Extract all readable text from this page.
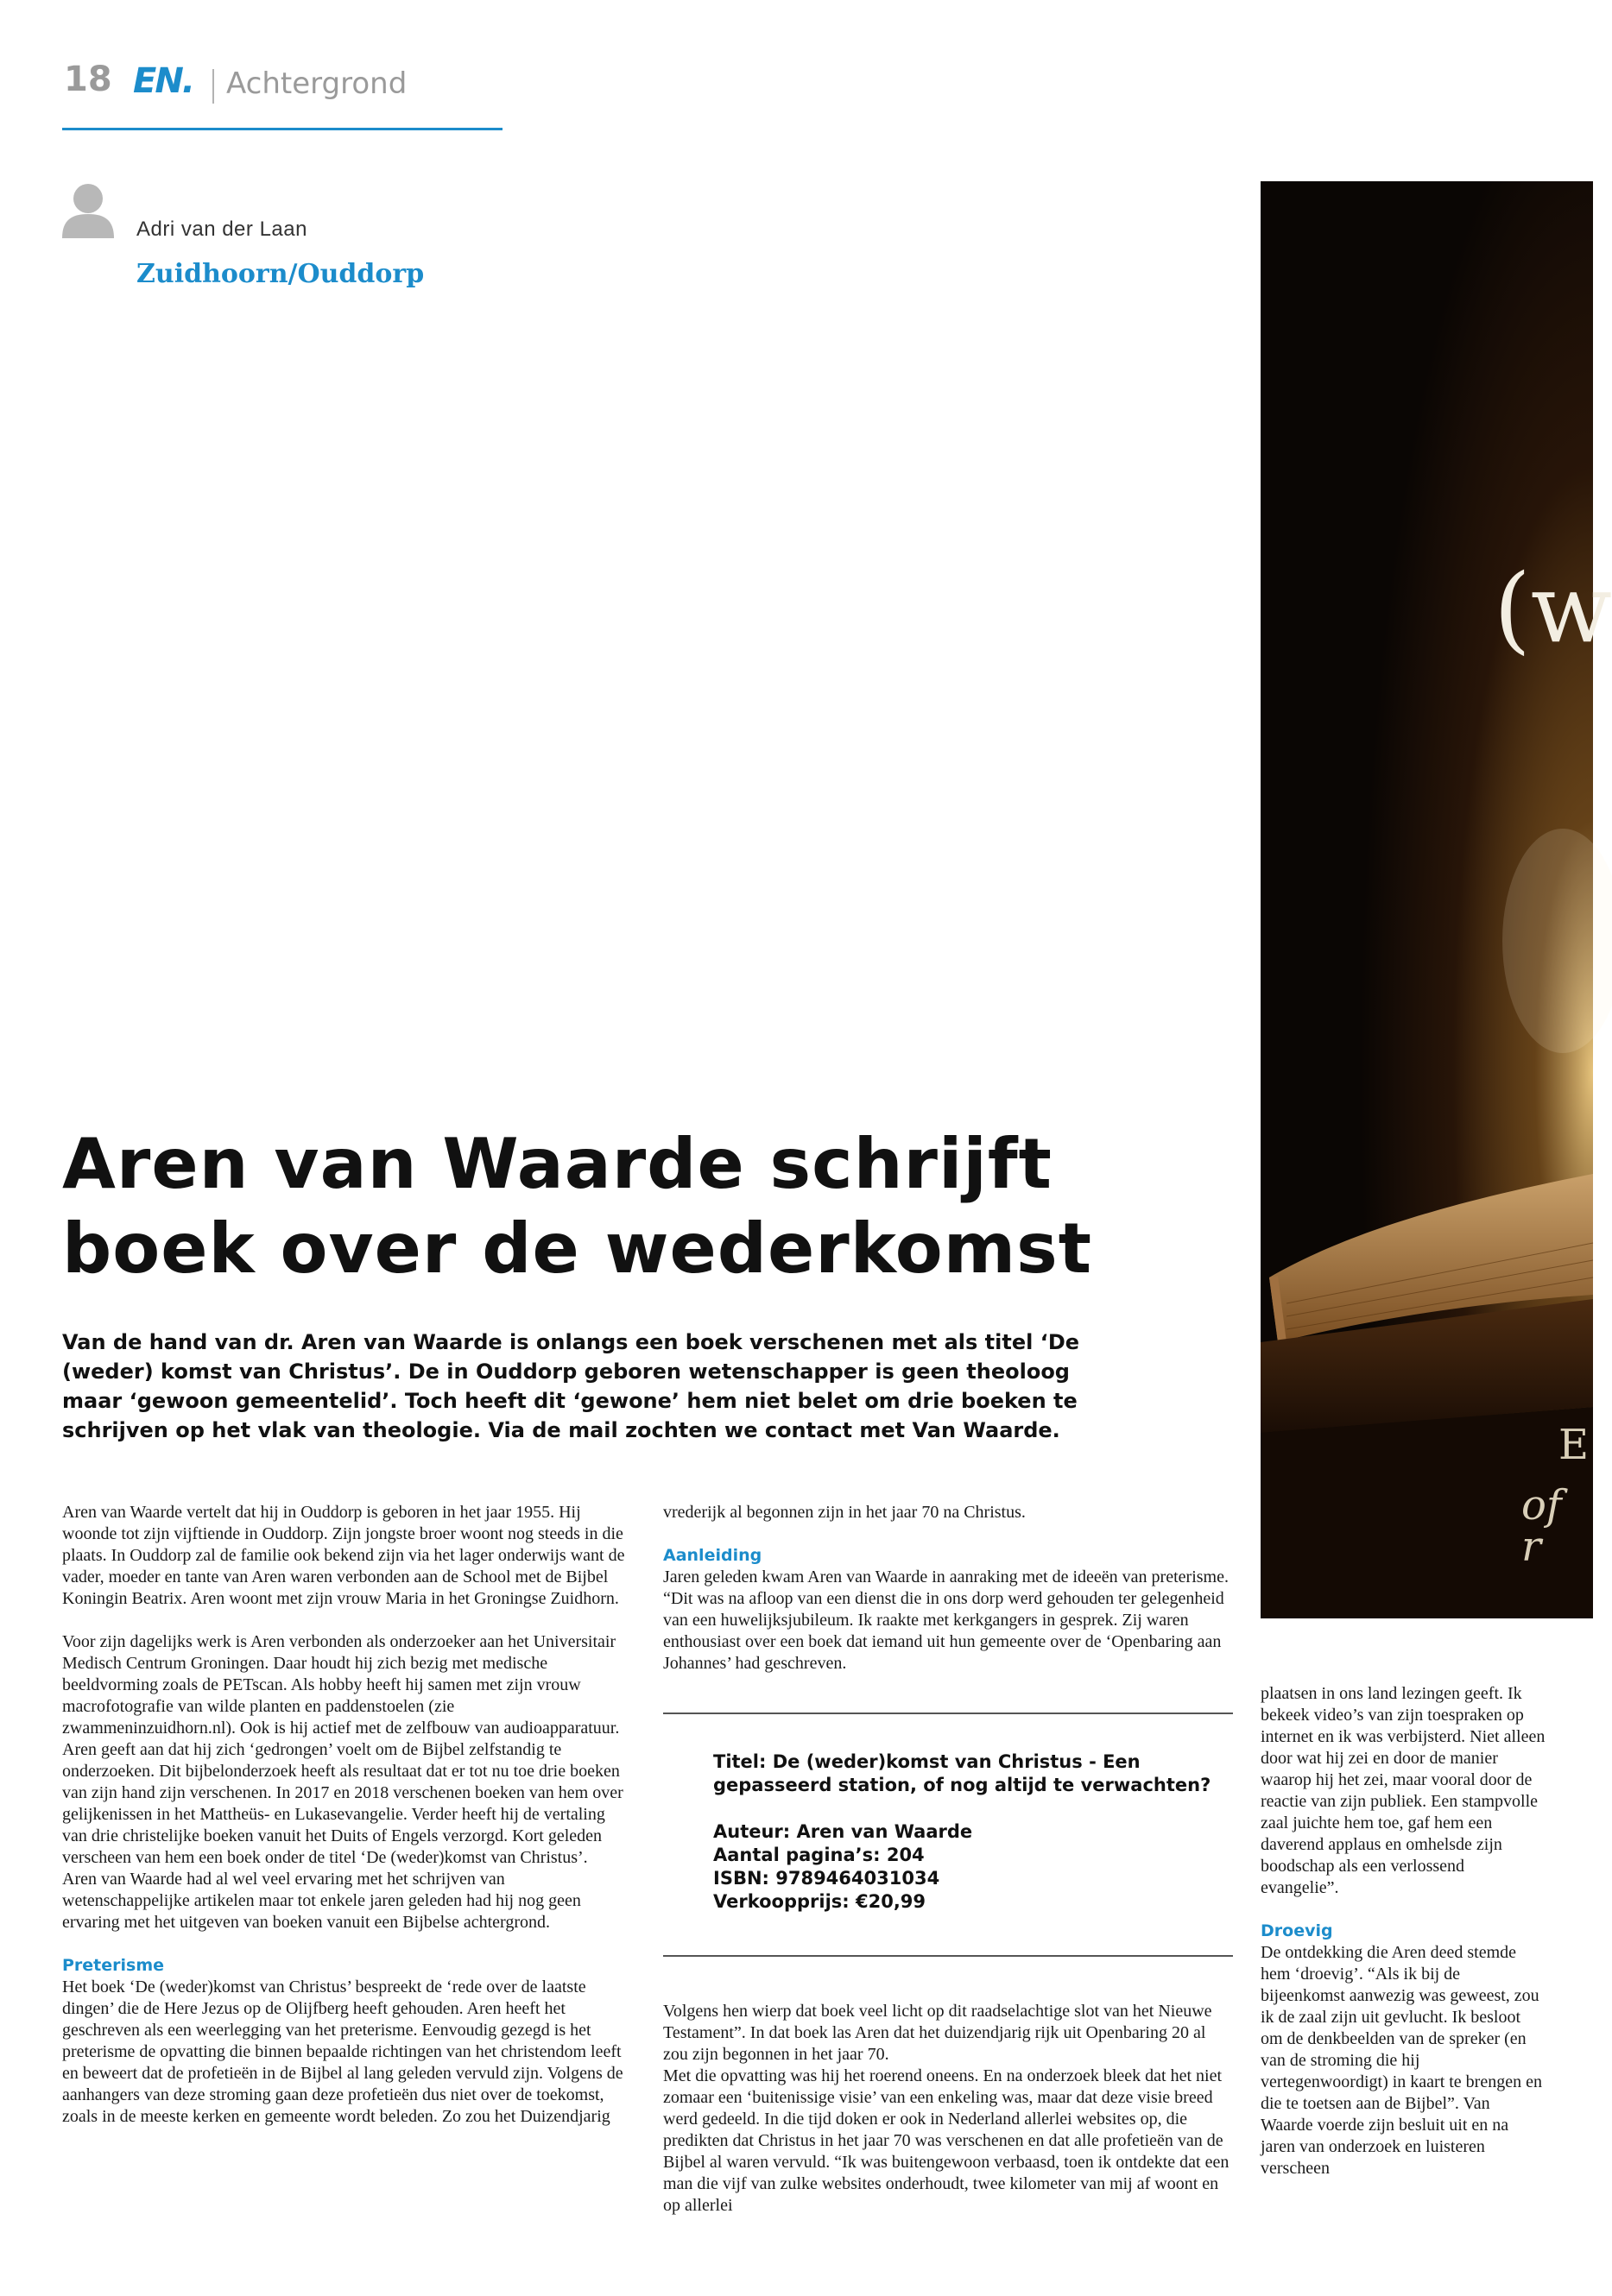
18 EN. Achtergrond
Adri van der Laan
Zuidhoorn/Ouddorp
(w
E
of r
Aren van Waarde schrijft
boek over de wederkomst
Van de hand van dr. Aren van Waarde is onlangs een boek verschenen met als titel ‘De (weder) komst van Christus’. De in Ouddorp geboren wetenschapper is geen theoloog maar ‘gewoon gemeentelid’. Toch heeft dit ‘gewone’ hem niet belet om drie boeken te schrijven op het vlak van theologie. Via de mail zochten we contact met Van Waarde.

Aren van Waarde vertelt dat hij in Ouddorp is geboren in het jaar 1955. Hij woonde tot zijn vijftiende in Ouddorp. Zijn jongste broer woont nog steeds in die plaats. In Ouddorp zal de familie ook bekend zijn via het lager onderwijs want de vader, moeder en tante van Aren waren verbonden aan de School met de Bijbel Koningin Beatrix. Aren woont met zijn vrouw Maria in het Groningse Zuidhorn.

Voor zijn dagelijks werk is Aren verbonden als onderzoeker aan het Universitair Medisch Centrum Groningen. Daar houdt hij zich bezig met medische beeldvorming zoals de PETscan. Als hobby heeft hij samen met zijn vrouw macrofotografie van wilde planten en paddenstoelen (zie zwammeninzuidhorn.nl). Ook is hij actief met de zelfbouw van audioapparatuur. Aren geeft aan dat hij zich ‘gedrongen’ voelt om de Bijbel zelfstandig te onderzoeken. Dit bijbelonderzoek heeft als resultaat dat er tot nu toe drie boeken van zijn hand zijn verschenen. In 2017 en 2018 verschenen boeken van hem over gelijkenissen in het Mattheüs- en Lukasevangelie. Verder heeft hij de vertaling van drie christelijke boeken vanuit het Duits of Engels verzorgd. Kort geleden verscheen van hem een boek onder de titel ‘De (weder)komst van Christus’.

Aren van Waarde had al wel veel ervaring met het schrijven van wetenschappelijke artikelen maar tot enkele jaren geleden had hij nog geen ervaring met het uitgeven van boeken vanuit een Bijbelse achtergrond.

Preterisme

Het boek ‘De (weder)komst van Christus’ bespreekt de ‘rede over de laatste dingen’ die de Here Jezus op de Olijfberg heeft gehouden. Aren heeft het geschreven als een weerlegging van het preterisme. Eenvoudig gezegd is het preterisme de opvatting die binnen bepaalde richtingen van het christendom leeft en beweert dat de profetieën in de Bijbel al lang geleden vervuld zijn. Volgens de aanhangers van deze stroming gaan deze profetieën dus niet over de toekomst, zoals in de meeste kerken en gemeente wordt beleden. Zo zou het Duizendjarig

vrederijk al begonnen zijn in het jaar 70 na Christus.

Aanleiding

Jaren geleden kwam Aren van Waarde in aanraking met de ideeën van preterisme. “Dit was na afloop van een dienst die in ons dorp werd gehouden ter gelegenheid van een huwelijksjubileum. Ik raakte met kerkgangers in gesprek. Zij waren enthousiast over een boek dat iemand uit hun gemeente over de ‘Openbaring aan Johannes’ had geschreven.

Titel: De (weder)komst van Christus - Een gepasseerd station, of nog altijd te verwachten?
Auteur: Aren van Waarde
Aantal pagina’s: 204
ISBN: 9789464031034
Verkoopprijs: €20,99

Volgens hen wierp dat boek veel licht op dit raadselachtige slot van het Nieuwe Testament”. In dat boek las Aren dat het duizendjarig rijk uit Openbaring 20 al zou zijn begonnen in het jaar 70.

Met die opvatting was hij het roerend oneens. En na onderzoek bleek dat het niet zomaar een ‘buitenissige visie’ van een enkeling was, maar dat deze visie breed werd gedeeld. In die tijd doken er ook in Nederland allerlei websites op, die predikten dat Christus in het jaar 70 was verschenen en dat alle profetieën van de Bijbel al waren vervuld. “Ik was buitengewoon verbaasd, toen ik ontdekte dat een man die vijf van zulke websites onderhoudt, twee kilometer van mij af woont en op allerlei

plaatsen in ons land lezingen geeft. Ik bekeek video’s van zijn toespraken op internet en ik was verbijsterd. Niet alleen door wat hij zei en door de manier waarop hij het zei, maar vooral door de reactie van zijn publiek. Een stampvolle zaal juichte hem toe, gaf hem een daverend applaus en omhelsde zijn boodschap als een verlossend evangelie”.

Droevig

De ontdekking die Aren deed stemde hem ‘droevig’. “Als ik bij de bijeenkomst aanwezig was geweest, zou ik de zaal zijn uit gevlucht. Ik besloot om de denkbeelden van de spreker (en van de stroming die hij vertegenwoordigt) in kaart te brengen en die te toetsen aan de Bijbel”. Van Waarde voerde zijn besluit uit en na jaren van onderzoek en luisteren verscheen
